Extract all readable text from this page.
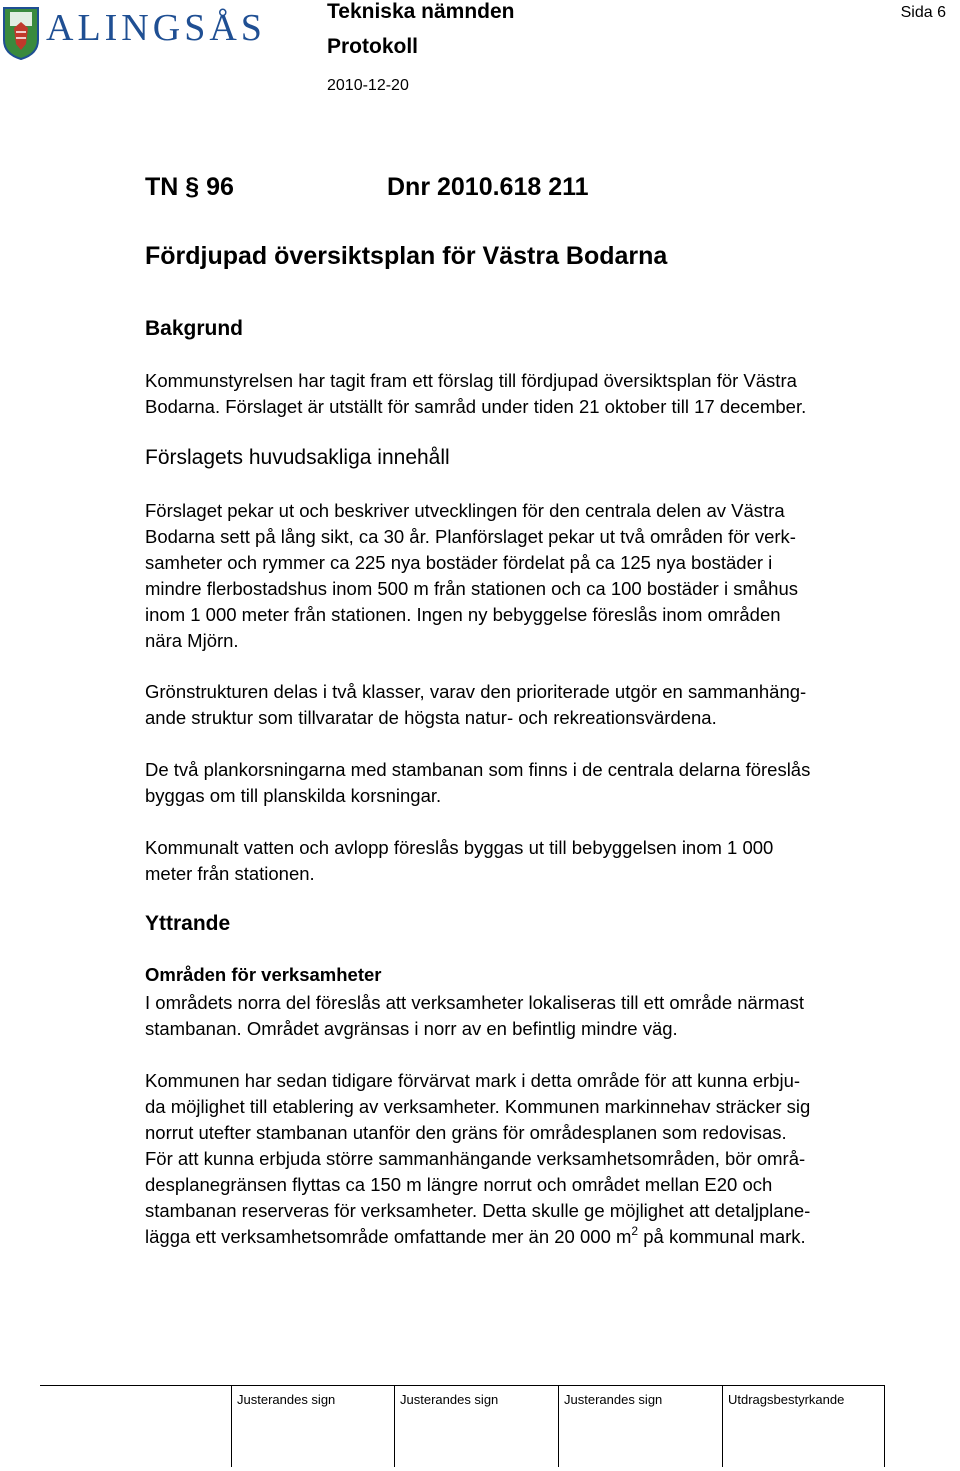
ALINGSÅS	Tekniska nämnden
Protokoll
2010-12-20
Sida 6
TN § 96	Dnr 2010.618 211
Fördjupad översiktsplan för Västra Bodarna
Bakgrund
Kommunstyrelsen har tagit fram ett förslag till fördjupad översiktsplan för Västra
Bodarna. Förslaget är utställt för samråd under tiden 21 oktober till 17 december.
Förslagets huvudsakliga innehåll
Förslaget pekar ut och beskriver utvecklingen för den centrala delen av Västra
Bodarna sett på lång sikt, ca 30 år. Planförslaget pekar ut två områden för verk-
samheter och rymmer ca 225 nya bostäder fördelat på ca 125 nya bostäder i
mindre flerbostadshus inom 500 m från stationen och ca 100 bostäder i småhus
inom 1 000 meter från stationen. Ingen ny bebyggelse föreslås inom områden
nära Mjörn.
Grönstrukturen delas i två klasser, varav den prioriterade utgör en sammanhäng-
ande struktur som tillvaratar de högsta natur- och rekreationsvärdena.
De två plankorsningarna med stambanan som finns i de centrala delarna föreslås
byggas om till planskilda korsningar.
Kommunalt vatten och avlopp föreslås byggas ut till bebyggelsen inom 1 000
meter från stationen.
Yttrande
Områden för verksamheter
I områdets norra del föreslås att verksamheter lokaliseras till ett område närmast
stambanan. Området avgränsas i norr av en befintlig mindre väg.
Kommunen har sedan tidigare förvärvat mark i detta område för att kunna erbju-
da möjlighet till etablering av verksamheter. Kommunen markinnehav sträcker sig
norrut utefter stambanan utanför den gräns för områdesplanen som redovisas.
För att kunna erbjuda större sammanhängande verksamhetsområden, bör områ-
desplanegränsen flyttas ca 150 m längre norrut och området mellan E20 och
stambanan reserveras för verksamheter. Detta skulle ge möjlighet att detaljplane-
lägga ett verksamhetsområde omfattande mer än 20 000 $m^2$ på kommunal mark.
Justerandes sign	Justerandes sign	Justerandes sign	Utdragsbestyrkande
